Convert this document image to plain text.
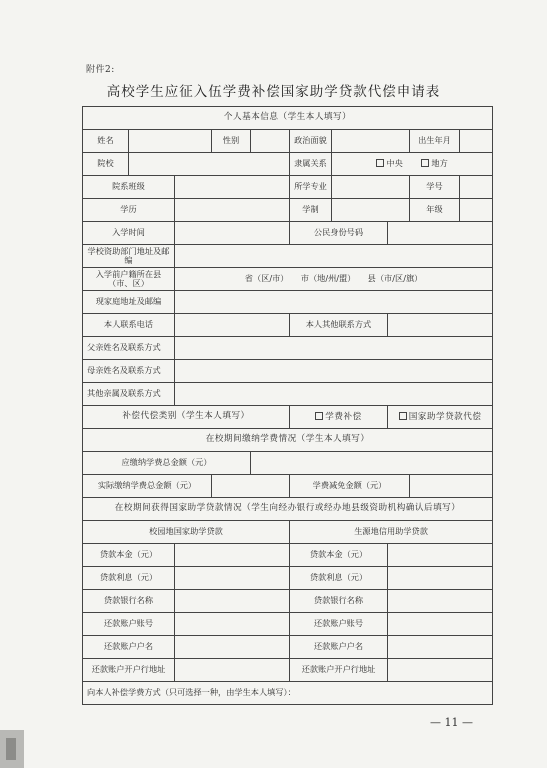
附件2:
高校学生应征入伍学费补偿国家助学贷款代偿申请表
个人基本信息（学生本人填写）									
姓名			性别		政治面貌			出生年月	
院校					隶属关系	中央 地方			
院系班级					所学专业			学号	
学历					学制			年级	
入学时间					公民身份号码				
学校资助部门地址及邮编									
入学前户籍所在县（市、区）		省（区/市）　　市（地/州/盟）　　县（市/区/旗）							
现家庭地址及邮编									
本人联系电话					本人其他联系方式				
父亲姓名及联系方式									
母亲姓名及联系方式									
其他亲属及联系方式									
补偿代偿类别（学生本人填写）					学费补偿		国家助学贷款代偿		
在校期间缴纳学费情况（学生本人填写）									
应缴纳学费总金额（元）									
实际缴纳学费总金额（元）					学费减免金额（元）				
在校期间获得国家助学贷款情况（学生向经办银行或经办地县级资助机构确认后填写）									
校园地国家助学贷款					生源地信用助学贷款				
贷款本金（元）					贷款本金（元）				
贷款利息（元）					贷款利息（元）				
贷款银行名称					贷款银行名称				
还款账户账号					还款账户账号				
还款账户户名					还款账户户名				
还款账户开户行地址					还款账户开户行地址				
向本人补偿学费方式（只可选择一种，由学生本人填写）：									
— 11 —
